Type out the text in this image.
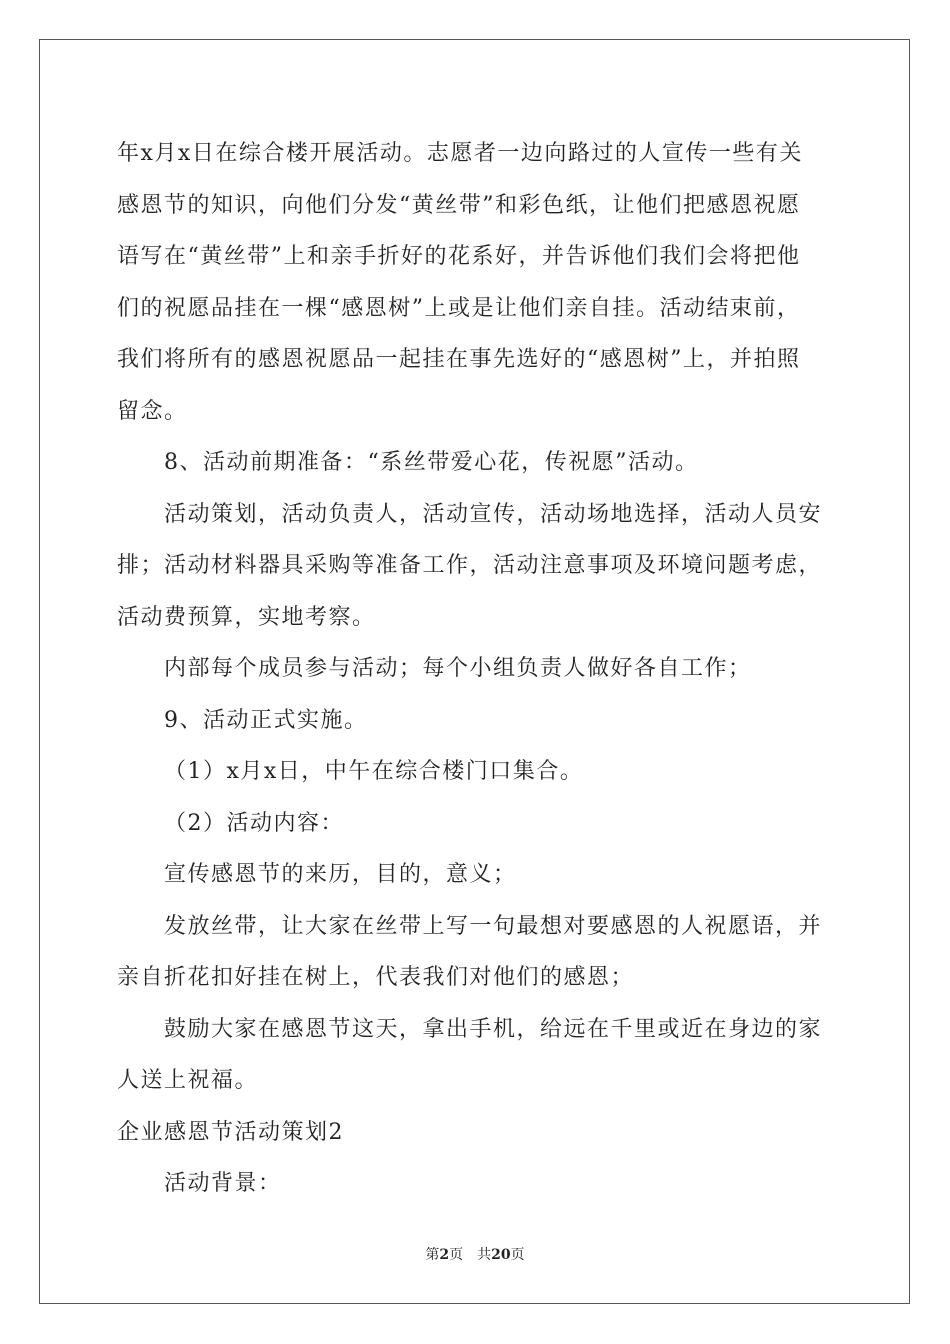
年x月x日在综合楼开展活动。志愿者一边向路过的人宣传一些有关
感恩节的知识，向他们分发“黄丝带”和彩色纸，让他们把感恩祝愿
语写在“黄丝带”上和亲手折好的花系好，并告诉他们我们会将把他
们的祝愿品挂在一棵“感恩树”上或是让他们亲自挂。活动结束前，
我们将所有的感恩祝愿品一起挂在事先选好的“感恩树”上，并拍照
留念。
8、活动前期准备：“系丝带爱心花，传祝愿”活动。
活动策划，活动负责人，活动宣传，活动场地选择，活动人员安
排；活动材料器具采购等准备工作，活动注意事项及环境问题考虑，
活动费预算，实地考察。
内部每个成员参与活动；每个小组负责人做好各自工作；
9、活动正式实施。
（1）x月x日，中午在综合楼门口集合。
（2）活动内容：
宣传感恩节的来历，目的，意义；
发放丝带，让大家在丝带上写一句最想对要感恩的人祝愿语，并
亲自折花扣好挂在树上，代表我们对他们的感恩；
鼓励大家在感恩节这天，拿出手机，给远在千里或近在身边的家
人送上祝福。
企业感恩节活动策划2
活动背景：
第2页 共20页
